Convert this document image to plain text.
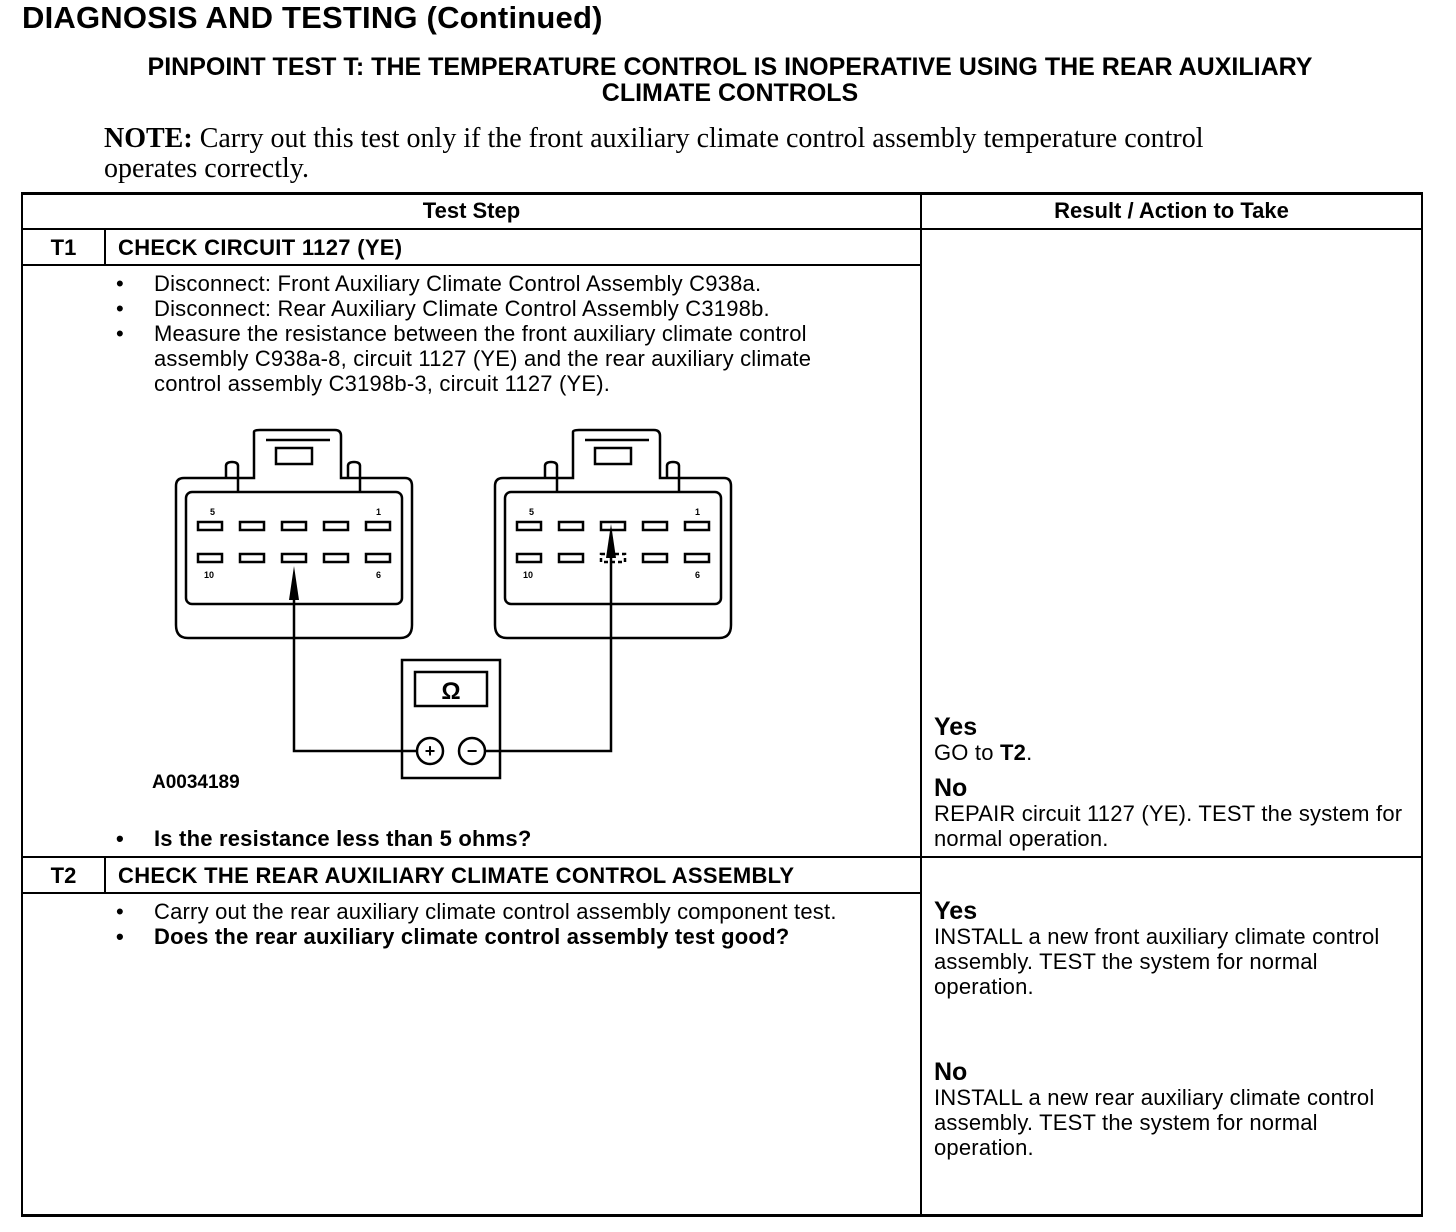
DIAGNOSIS AND TESTING (Continued)
PINPOINT TEST T: THE TEMPERATURE CONTROL IS INOPERATIVE USING THE REAR AUXILIARY
CLIMATE CONTROLS
NOTE: Carry out this test only if the front auxiliary climate control assembly temperature control operates correctly.
Test Step	Result / Action to Take
T1	CHECK CIRCUIT 1127 (YE)
• Disconnect: Front Auxiliary Climate Control Assembly C938a.
• Disconnect: Rear Auxiliary Climate Control Assembly C3198b.
• Measure the resistance between the front auxiliary climate control assembly C938a-8, circuit 1127 (YE) and the rear auxiliary climate control assembly C3198b-3, circuit 1127 (YE).
5	1
10	6
5	1
10	6
Ω
+ −
A0034189
• Is the resistance less than 5 ohms?
Yes
GO to T2.
No
REPAIR circuit 1127 (YE). TEST the system for normal operation.
T2	CHECK THE REAR AUXILIARY CLIMATE CONTROL ASSEMBLY
• Carry out the rear auxiliary climate control assembly component test.
• Does the rear auxiliary climate control assembly test good?
Yes
INSTALL a new front auxiliary climate control assembly. TEST the system for normal operation.
No
INSTALL a new rear auxiliary climate control assembly. TEST the system for normal operation.
